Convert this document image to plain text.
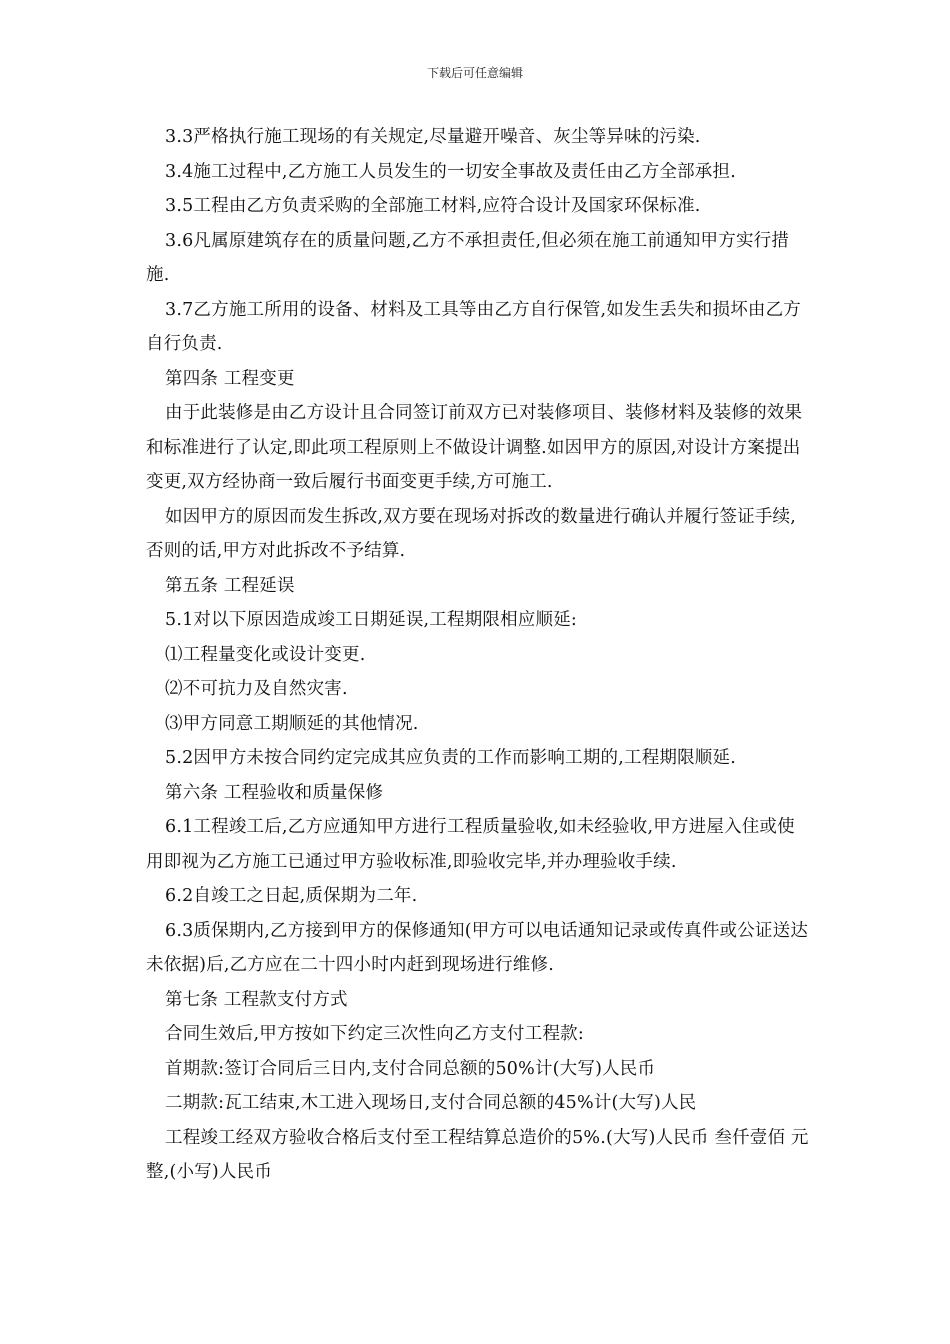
下载后可任意编辑

3.3严格执行施工现场的有关规定,尽量避开噪音、灰尘等异味的污染.

3.4施工过程中,乙方施工人员发生的一切安全事故及责任由乙方全部承担.

3.5工程由乙方负责采购的全部施工材料,应符合设计及国家环保标准.

3.6凡属原建筑存在的质量问题,乙方不承担责任,但必须在施工前通知甲方实行措施.

3.7乙方施工所用的设备、材料及工具等由乙方自行保管,如发生丢失和损坏由乙方自行负责.

第四条 工程变更

由于此装修是由乙方设计且合同签订前双方已对装修项目、装修材料及装修的效果和标准进行了认定,即此项工程原则上不做设计调整.如因甲方的原因,对设计方案提出变更,双方经协商一致后履行书面变更手续,方可施工.

如因甲方的原因而发生拆改,双方要在现场对拆改的数量进行确认并履行签证手续,否则的话,甲方对此拆改不予结算.

第五条 工程延误

5.1对以下原因造成竣工日期延误,工程期限相应顺延:

⑴工程量变化或设计变更.

⑵不可抗力及自然灾害.

⑶甲方同意工期顺延的其他情况.

5.2因甲方未按合同约定完成其应负责的工作而影响工期的,工程期限顺延.

第六条 工程验收和质量保修

6.1工程竣工后,乙方应通知甲方进行工程质量验收,如未经验收,甲方进屋入住或使用即视为乙方施工已通过甲方验收标准,即验收完毕,并办理验收手续.

6.2自竣工之日起,质保期为二年.

6.3质保期内,乙方接到甲方的保修通知(甲方可以电话通知记录或传真件或公证送达未依据)后,乙方应在二十四小时内赶到现场进行维修.

第七条 工程款支付方式

合同生效后,甲方按如下约定三次性向乙方支付工程款:

首期款:签订合同后三日内,支付合同总额的50%计(大写)人民币

二期款:瓦工结束,木工进入现场日,支付合同总额的45%计(大写)人民

工程竣工经双方验收合格后支付至工程结算总造价的5%.(大写)人民币 叁仟壹佰 元整,(小写)人民币
